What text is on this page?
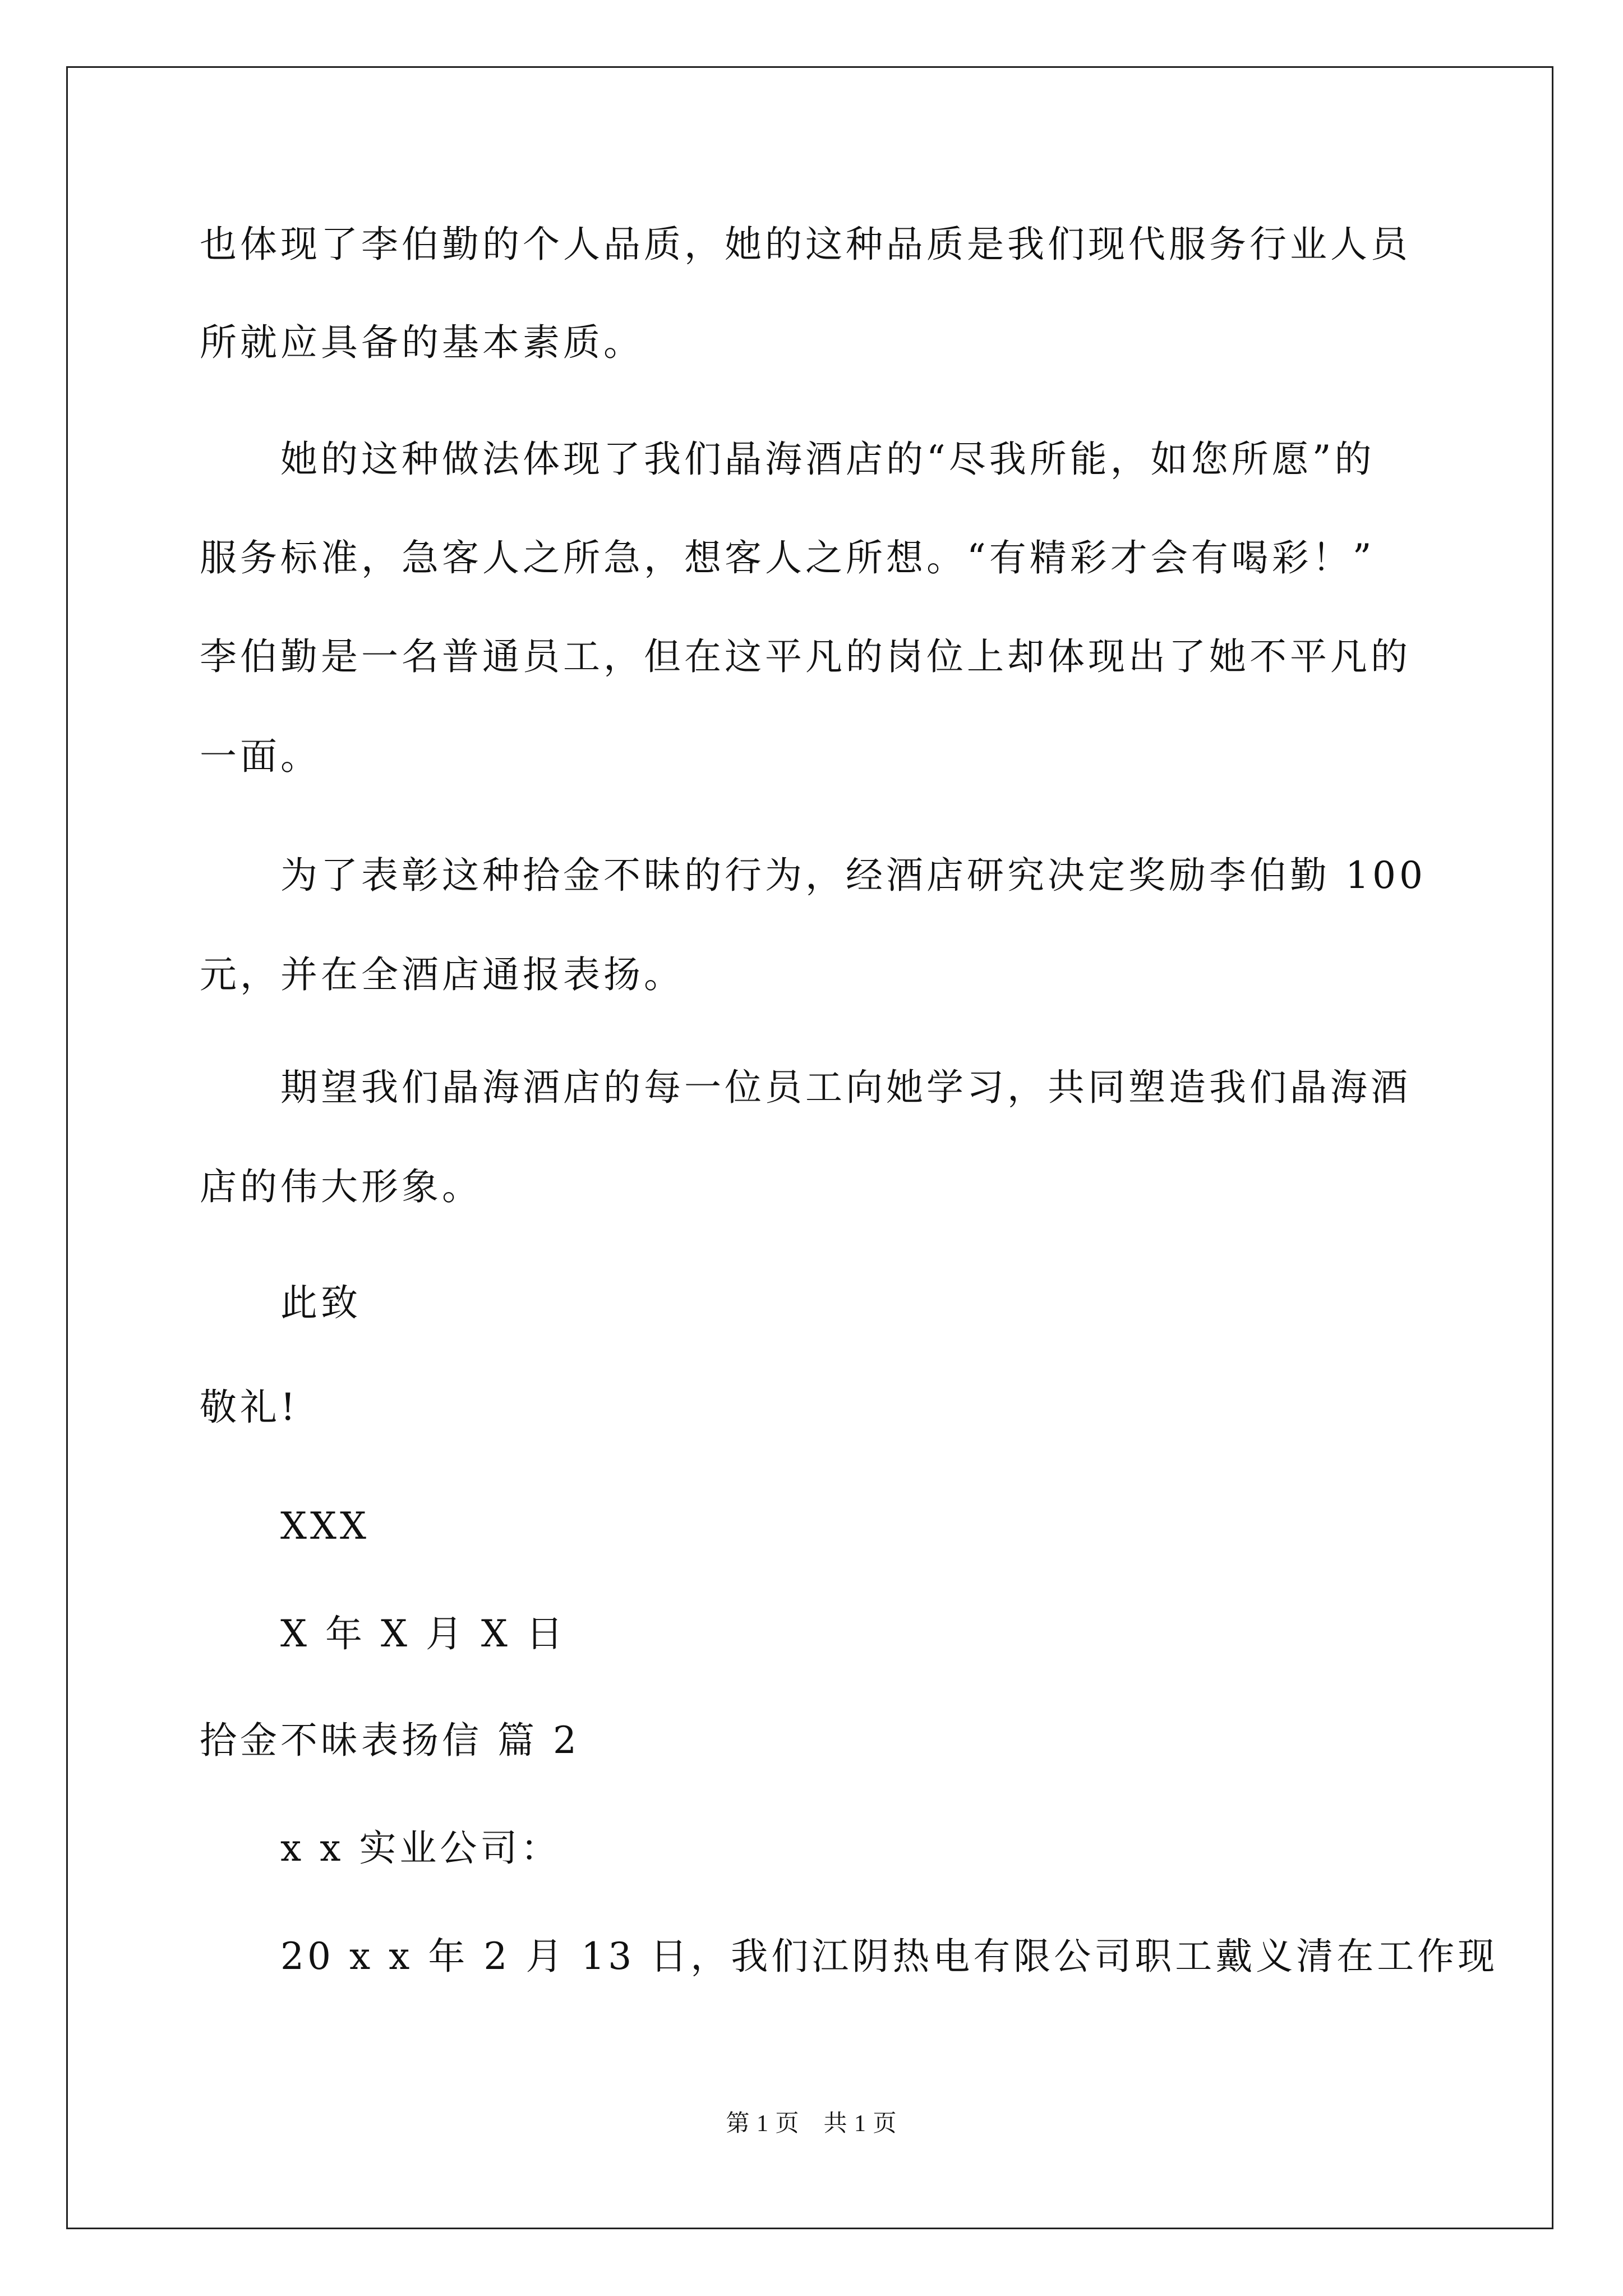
也体现了李伯勤的个人品质，她的这种品质是我们现代服务行业人员
所就应具备的基本素质。
她的这种做法体现了我们晶海酒店的“尽我所能，如您所愿”的
服务标准，急客人之所急，想客人之所想。“有精彩才会有喝彩！”
李伯勤是一名普通员工，但在这平凡的岗位上却体现出了她不平凡的
一面。
为了表彰这种拾金不昧的行为，经酒店研究决定奖励李伯勤 100
元，并在全酒店通报表扬。
期望我们晶海酒店的每一位员工向她学习，共同塑造我们晶海酒
店的伟大形象。
此致
敬礼!
XXX
X 年 X 月 X 日
拾金不昧表扬信 篇 2
x x 实业公司：
20 x x 年 2 月 13 日，我们江阴热电有限公司职工戴义清在工作现
第 1 页　共 1 页
